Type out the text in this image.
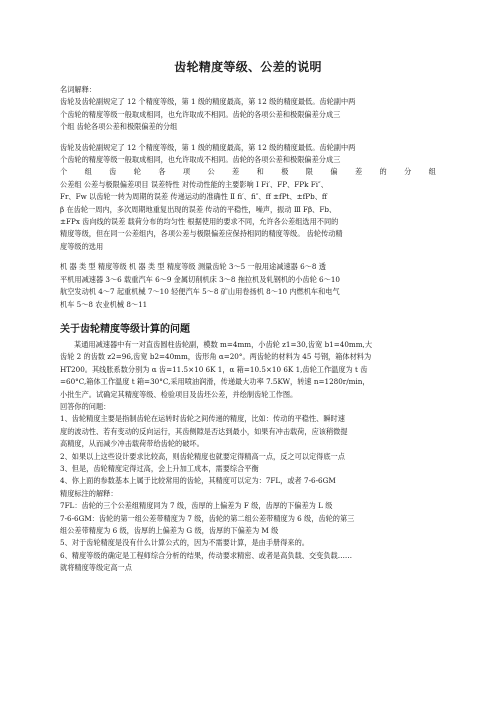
齿轮精度等级、公差的说明

名词解释：

齿轮及齿轮副规定了 12 个精度等级，第 1 级的精度最高，第 12 级的精度最低。齿轮副中两

个齿轮的精度等级一般取成相同，也允许取成不相同。齿轮的各项公差和极限偏差分成三

个组 齿轮各项公差和极限偏差的分组

齿轮及齿轮副规定了 12 个精度等级，第 1 级的精度最高，第 12 级的精度最低。齿轮副中两

个齿轮的精度等级一般取成相同，也允许取成不相同。齿轮的各项公差和极限偏差分成三

个 组 齿 轮 各 项 公 差 和 极 限 偏 差 的 分 组

公差组 公差与极限偏差项目 误差特性 对传动性能的主要影响 Ⅰ Fi′、FP、FPk Fi″、

Fr、Fw 以齿轮一转为周期的误差 传递运动的准确性 Ⅱ fi′、fi″、ff ±fPt、±fPb、ff

β 在齿轮一周内，多次周期地重复出现的误差 传动的平稳性，噪声，振动 Ⅲ Fβ、Fb、

±FPx 齿向线的误差 载荷分布的均匀性 根据使用的要求不同，允许各公差组选用不同的

精度等级，但在同一公差组内，各项公差与极限偏差应保持相同的精度等级。 齿轮传动精

度等级的选用

机 器 类 型 精度等级 机 器 类 型 精度等级 测量齿轮 3～5 一般用途减速器 6～8 透

平机用减速器 3～6 载重汽车 6～9 金属切削机床 3～8 拖拉机及轧钢机的小齿轮 6～10

航空发动机 4～7 起重机械 7～10 轻便汽车 5～8 矿山用卷扬机 8～10 内燃机车和电气

机车 5～8 农业机械 8～11

关于齿轮精度等级计算的问题

某通用减速器中有一对直齿圆柱齿轮副，模数 m=4mm，小齿轮 z1=30,齿宽 b1=40mm,大

齿轮 2 的齿数 z2=96,齿宽 b2=40mm，齿形角 α=20°。两齿轮的材料为 45 号钢，箱体材料为

HT200。其线胀系数分别为 α 齿=11.5×10 6K 1，α 箱=10.5×10 6K 1,齿轮工作温度为 t 齿

=60°C,箱体工作温度 t 箱=30°C,采用喷油润滑，传递最大功率 7.5KW，转速 n=1280r/min，

小批生产。试确定其精度等级、检验项目及齿坯公差，并绘制齿轮工作图。

回答你的问题：

1、齿轮精度主要是指制齿轮在运转时齿轮之间传递的精度，比如：传动的平稳性、瞬时速

度的波动性、若有变动的反向运行，其齿侧隙是否达到最小，如果有冲击载荷，应该稍微提

高精度，从而减少冲击载荷带给齿轮的破坏。

2、如果以上这些设计要求比较高，则齿轮精度也就要定得精高一点，反之可以定得底一点

3、但是，齿轮精度定得过高，会上升加工成本，需要综合平衡

4、你上面的参数基本上属于比较常用的齿轮，其精度可以定为：7FL，或者 7-6-6GM

精度标注的解释：

7FL：齿轮的三个公差组精度同为 7 级，齿厚的上偏差为 F 级，齿厚的下偏差为 L 级

7-6-6GM：齿轮的第一组公差带精度为 7 级，齿轮的第二组公差带精度为 6 级，齿轮的第三

组公差带精度为 6 级，齿厚的上偏差为 G 级，齿厚的下偏差为 M 级

5、对于齿轮精度是没有什么计算公式的，因为不需要计算，是由手册得来的。

6、精度等级的确定是工程师综合分析的结果，传动要求精密、或者是高负载、交变负载……

就将精度等级定高一点
